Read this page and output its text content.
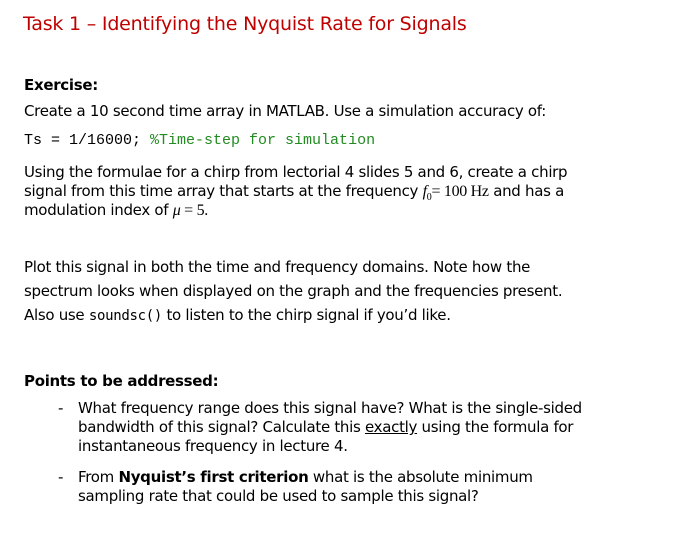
Task 1 – Identifying the Nyquist Rate for Signals
Exercise:
Create a 10 second time array in MATLAB. Use a simulation accuracy of:
Ts = 1/16000; %Time-step for simulation
Using the formulae for a chirp from lectorial 4 slides 5 and 6, create a chirp
signal from this time array that starts at the frequency $f_0= 100$ Hz and has a
modulation index of μ = 5.
Plot this signal in both the time and frequency domains. Note how the
spectrum looks when displayed on the graph and the frequencies present.
Also use soundsc() to listen to the chirp signal if you’d like.
Points to be addressed:
- What frequency range does this signal have? What is the single-sided
bandwidth of this signal? Calculate this exactly using the formula for
instantaneous frequency in lecture 4.
- From Nyquist’s first criterion what is the absolute minimum
sampling rate that could be used to sample this signal?
